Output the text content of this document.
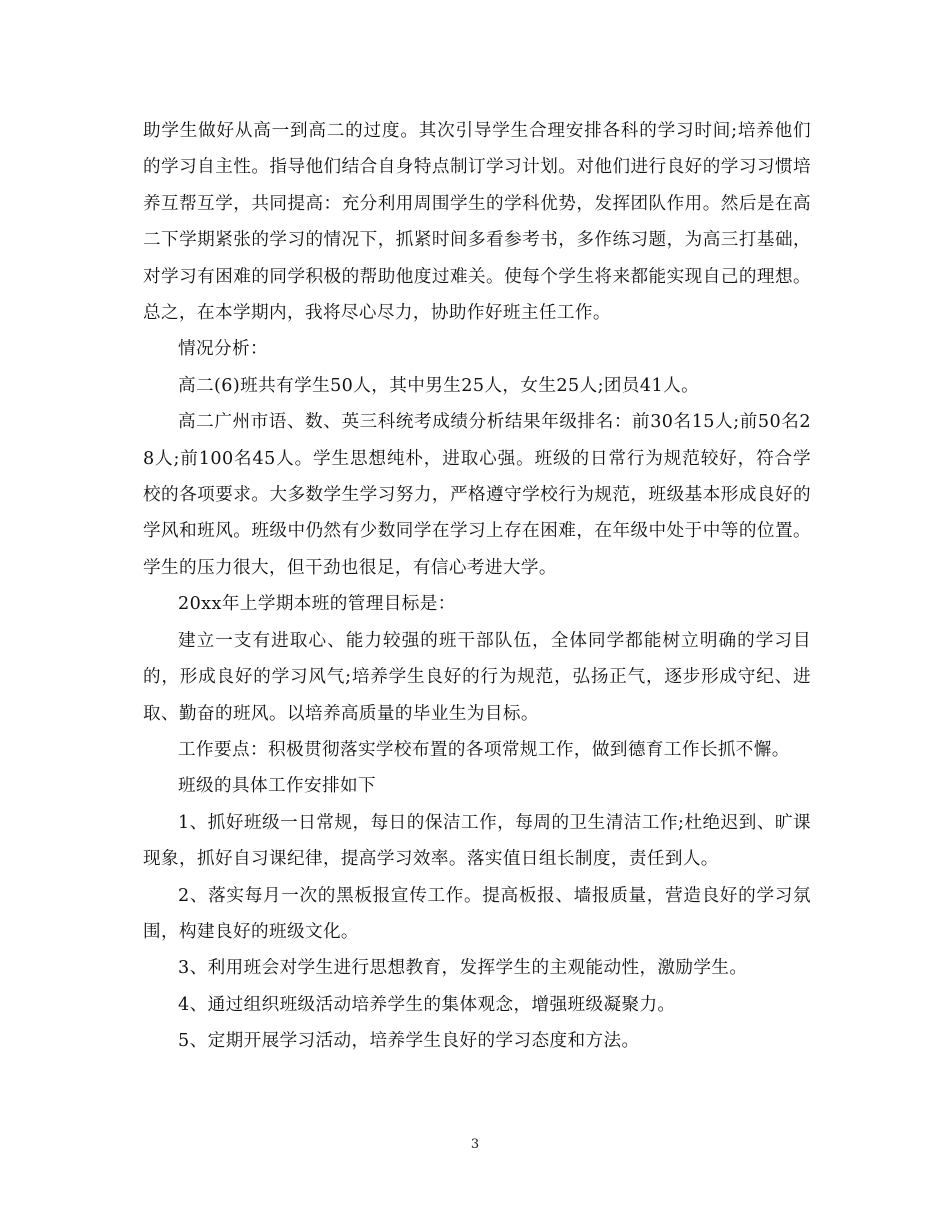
助学生做好从高一到高二的过度。其次引导学生合理安排各科的学习时间;培养他们的学习自主性。指导他们结合自身特点制订学习计划。对他们进行良好的学习习惯培养互帮互学，共同提高：充分利用周围学生的学科优势，发挥团队作用。然后是在高二下学期紧张的学习的情况下，抓紧时间多看参考书，多作练习题，为高三打基础，对学习有困难的同学积极的帮助他度过难关。使每个学生将来都能实现自己的理想。总之，在本学期内，我将尽心尽力，协助作好班主任工作。

情况分析：

高二(6)班共有学生50人，其中男生25人，女生25人;团员41人。

高二广州市语、数、英三科统考成绩分析结果年级排名：前30名15人;前50名28人;前100名45人。学生思想纯朴，进取心强。班级的日常行为规范较好，符合学校的各项要求。大多数学生学习努力，严格遵守学校行为规范，班级基本形成良好的学风和班风。班级中仍然有少数同学在学习上存在困难，在年级中处于中等的位置。学生的压力很大，但干劲也很足，有信心考进大学。

20xx年上学期本班的管理目标是：

建立一支有进取心、能力较强的班干部队伍，全体同学都能树立明确的学习目的，形成良好的学习风气;培养学生良好的行为规范，弘扬正气，逐步形成守纪、进取、勤奋的班风。以培养高质量的毕业生为目标。

工作要点：积极贯彻落实学校布置的各项常规工作，做到德育工作长抓不懈。

班级的具体工作安排如下

1、抓好班级一日常规，每日的保洁工作，每周的卫生清洁工作;杜绝迟到、旷课现象，抓好自习课纪律，提高学习效率。落实值日组长制度，责任到人。

2、落实每月一次的黑板报宣传工作。提高板报、墙报质量，营造良好的学习氛围，构建良好的班级文化。

3、利用班会对学生进行思想教育，发挥学生的主观能动性，激励学生。

4、通过组织班级活动培养学生的集体观念，增强班级凝聚力。

5、定期开展学习活动，培养学生良好的学习态度和方法。

3
